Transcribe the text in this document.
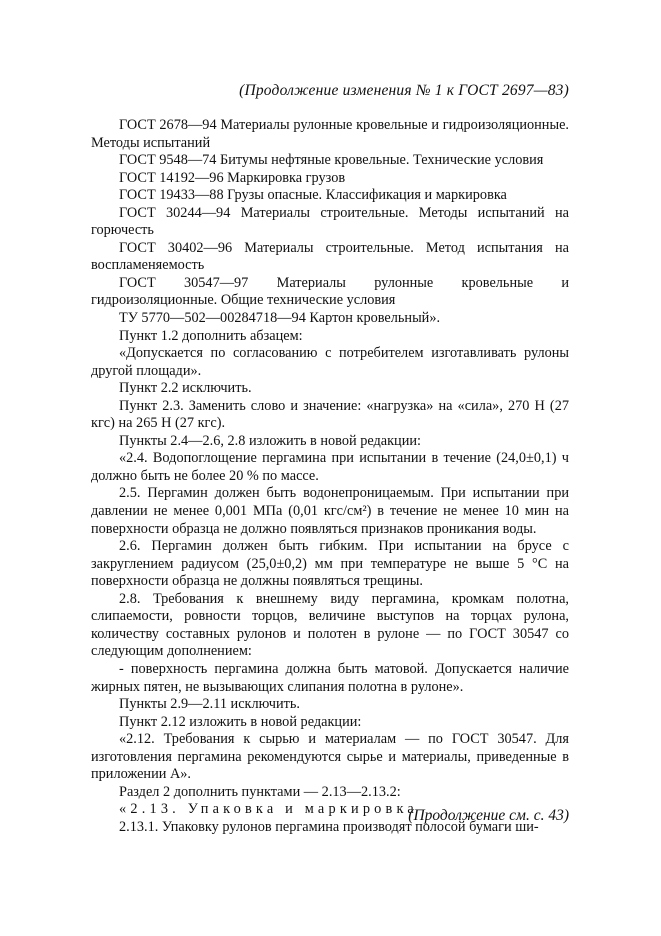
(Продолжение изменения № 1 к ГОСТ 2697—83)

ГОСТ 2678—94 Материалы рулонные кровельные и гидроизоляционные. Методы испытаний

ГОСТ 9548—74 Битумы нефтяные кровельные. Технические условия

ГОСТ 14192—96 Маркировка грузов

ГОСТ 19433—88 Грузы опасные. Классификация и маркировка

ГОСТ 30244—94 Материалы строительные. Методы испытаний на горючесть

ГОСТ 30402—96 Материалы строительные. Метод испытания на воспламеняемость

ГОСТ 30547—97 Материалы рулонные кровельные и гидроизоляционные. Общие технические условия

ТУ 5770—502—00284718—94 Картон кровельный».

Пункт 1.2 дополнить абзацем:

«Допускается по согласованию с потребителем изготавливать рулоны другой площади».

Пункт 2.2 исключить.

Пункт 2.3. Заменить слово и значение: «нагрузка» на «сила», 270 Н (27 кгс) на 265 Н (27 кгс).

Пункты 2.4—2.6, 2.8 изложить в новой редакции:

«2.4. Водопоглощение пергамина при испытании в течение (24,0±0,1) ч должно быть не более 20 % по массе.

2.5. Пергамин должен быть водонепроницаемым. При испытании при давлении не менее 0,001 МПа (0,01 кгс/см²) в течение не менее 10 мин на поверхности образца не должно появляться признаков проникания воды.

2.6. Пергамин должен быть гибким. При испытании на брусе с закруглением радиусом (25,0±0,2) мм при температуре не выше 5 °С на поверхности образца не должны появляться трещины.

2.8. Требования к внешнему виду пергамина, кромкам полотна, слипаемости, ровности торцов, величине выступов на торцах рулона, количеству составных рулонов и полотен в рулоне — по ГОСТ 30547 со следующим дополнением:

- поверхность пергамина должна быть матовой. Допускается наличие жирных пятен, не вызывающих слипания полотна в рулоне».

Пункты 2.9—2.11 исключить.

Пункт 2.12 изложить в новой редакции:

«2.12. Требования к сырью и материалам — по ГОСТ 30547. Для изготовления пергамина рекомендуются сырье и материалы, приведенные в приложении А».

Раздел 2 дополнить пунктами — 2.13—2.13.2:

«2.13. Упаковка и маркировка

2.13.1. Упаковку рулонов пергамина производят полосой бумаги ши-

(Продолжение см. с. 43)
